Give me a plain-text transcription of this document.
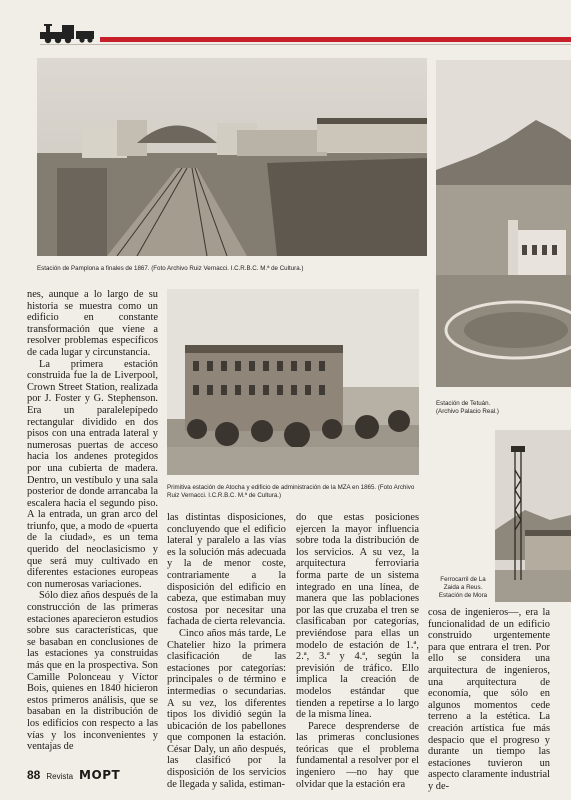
Estación de Pamplona a finales de 1867. (Foto Archivo Ruiz Vernacci. I.C.R.B.C. M.ª de Cultura.)
Estación de Tetuán. (Archivo Palacio Real.)
Primitiva estación de Atocha y edificio de administración de la MZA en 1865. (Foto Archivo Ruiz Vernacci. I.C.R.B.C. M.ª de Cultura.)
Ferrocarril de La Zaida a Reus. Estación de Mora

nes, aunque a lo largo de su historia se muestra como un edificio en constante transformación que viene a resolver problemas específicos de cada lugar y circunstancia.

La primera estación construida fue la de Liverpool, Crown Street Station, realizada por J. Foster y G. Stephenson. Era un paralelepípedo rectangular dividido en dos pisos con una entrada lateral y numerosas puertas de acceso hacia los andenes protegidos por una cubierta de madera. Dentro, un vestíbulo y una sala posterior de donde arrancaba la escalera hacia el segundo piso. A la entrada, un gran arco del triunfo, que, a modo de «puerta de la ciudad», es un tema querido del neoclasicismo y que será muy cultivado en diferentes estaciones europeas con numerosas variaciones.

Sólo diez años después de la construcción de las primeras estaciones aparecieron estudios sobre sus características, que se basaban en conclusiones de las estaciones ya construidas más que en la prospectiva. Son Camille Polonceau y Víctor Bois, quienes en 1840 hicieron estos primeros análisis, que se basaban en la distribución de los edificios con respecto a las vías y los inconvenientes y ventajas de

las distintas disposiciones, concluyendo que el edificio lateral y paralelo a las vías es la solución más adecuada y la de menor coste, contrariamente a la disposición del edificio en cabeza, que estimaban muy costosa por necesitar una fachada de cierta relevancia.

Cinco años más tarde, Le Chatelier hizo la primera clasificación de las estaciones por categorías: principales o de término e intermedias o secundarias. A su vez, los diferentes tipos los dividió según la ubicación de los pabellones que componen la estación. César Daly, un año después, las clasificó por la disposición de los servicios de llegada y salida, estiman-

do que estas posiciones ejercen la mayor influencia sobre toda la distribución de los servicios. A su vez, la arquitectura ferroviaria forma parte de un sistema integrado en una línea, de manera que las poblaciones por las que cruzaba el tren se clasificaban por categorías, previéndose para ellas un modelo de estación de 1.ª, 2.ª, 3.ª y 4.ª, según la previsión de tráfico. Ello implica la creación de modelos estándar que tienden a repetirse a lo largo de la misma línea.

Parece desprenderse de las primeras conclusiones teóricas que el problema fundamental a resolver por el ingeniero —no hay que olvidar que la estación era

cosa de ingenieros—, era la funcionalidad de un edificio construido urgentemente para que entrara el tren. Por ello se considera una arquitectura de ingenieros, una arquitectura de economía, que sólo en algunos momentos cede terreno a la estética. La creación artística fue más despacio que el progreso y durante un tiempo las estaciones tuvieron un aspecto claramente industrial y de-

88 Revista MOPT
